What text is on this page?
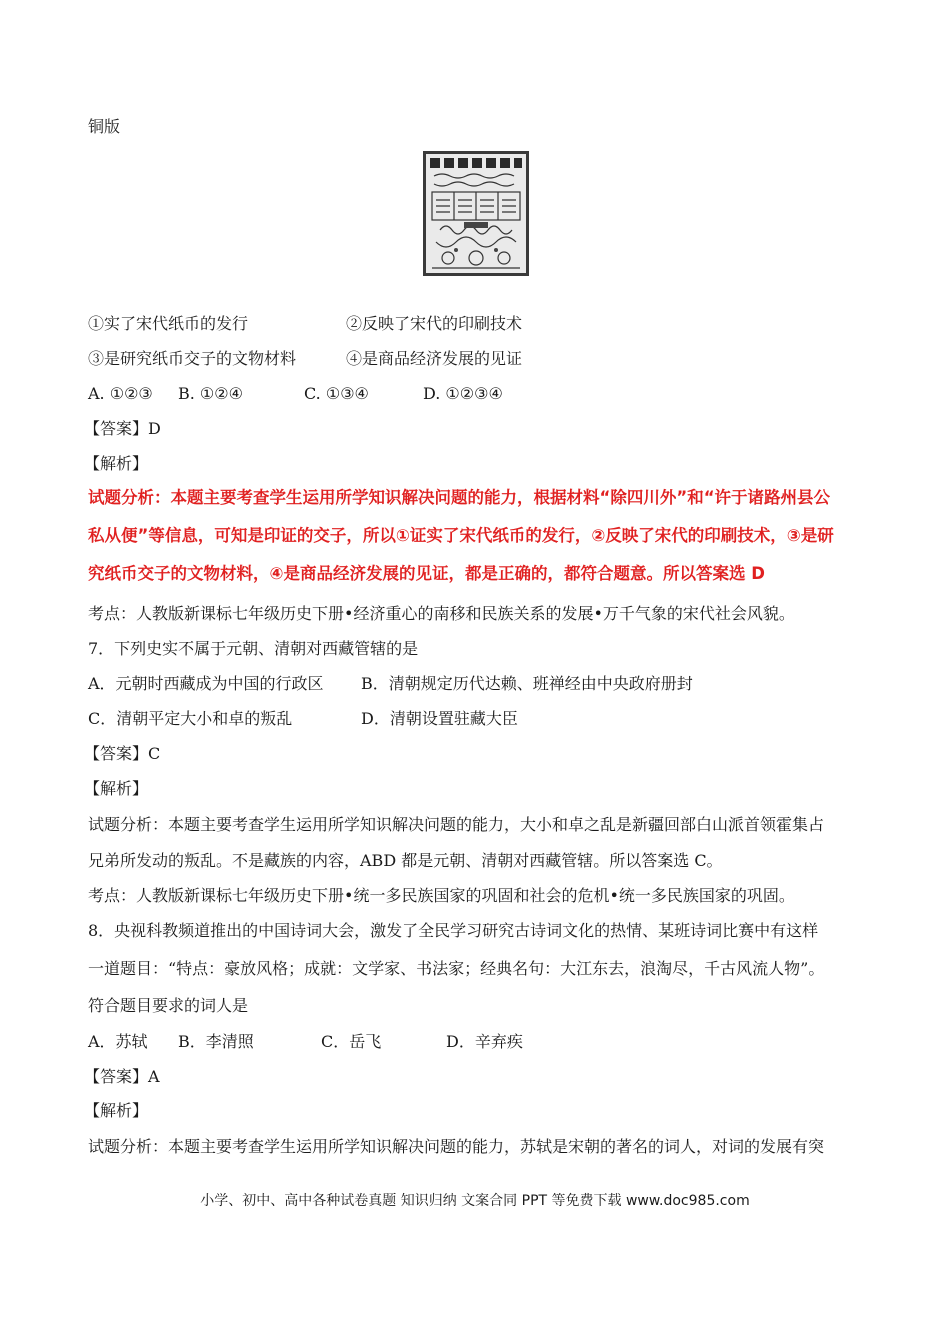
铜版
①实了宋代纸币的发行	②反映了宋代的印刷技术
③是研究纸币交子的文物材料	④是商品经济发展的见证
A. ①②③ B. ①②④	C. ①③④	D. ①②③④
【答案】D
【解析】
试题分析：本题主要考查学生运用所学知识解决问题的能力，根据材料“除四川外”和“许于诸路州县公
私从便”等信息，可知是印证的交子，所以①证实了宋代纸币的发行，②反映了宋代的印刷技术，③是研
究纸币交子的文物材料，④是商品经济发展的见证，都是正确的，都符合题意。所以答案选 D
考点：人教版新课标七年级历史下册•经济重心的南移和民族关系的发展•万千气象的宋代社会风貌。
7．下列史实不属于元朝、清朝对西藏管辖的是
A．元朝时西藏成为中国的行政区 B．清朝规定历代达赖、班禅经由中央政府册封
C．清朝平定大小和卓的叛乱	D．清朝设置驻藏大臣
【答案】C
【解析】
试题分析：本题主要考查学生运用所学知识解决问题的能力，大小和卓之乱是新疆回部白山派首领霍集占
兄弟所发动的叛乱。不是藏族的内容，ABD 都是元朝、清朝对西藏管辖。所以答案选 C。
考点：人教版新课标七年级历史下册•统一多民族国家的巩固和社会的危机•统一多民族国家的巩固。
8．央视科教频道推出的中国诗词大会，激发了全民学习研究古诗词文化的热情、某班诗词比赛中有这样
一道题目：“特点：豪放风格；成就：文学家、书法家；经典名句：大江东去，浪淘尽，千古风流人物”。
符合题目要求的词人是
A．苏轼 B．李清照	C．岳飞	D．辛弃疾
【答案】A
【解析】
试题分析：本题主要考查学生运用所学知识解决问题的能力，苏轼是宋朝的著名的词人，对词的发展有突
小学、初中、高中各种试卷真题 知识归纳 文案合同 PPT 等免费下载 www.doc985.com
